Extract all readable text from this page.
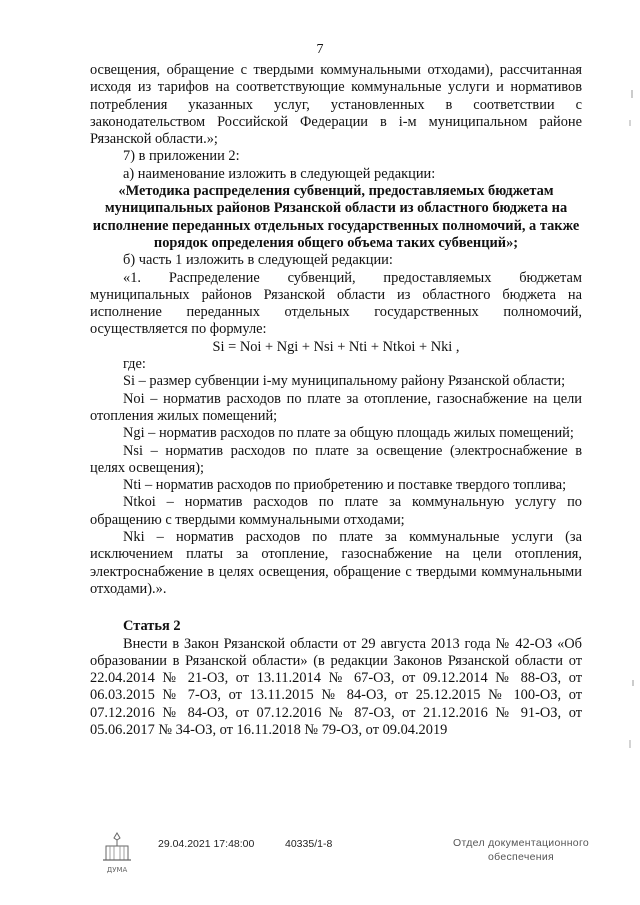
7

освещения, обращение с твердыми коммунальными отходами), рассчитанная исходя из тарифов на соответствующие коммунальные услуги и нормативов потребления указанных услуг, установленных в соответствии с законодательством Российской Федерации в i-м муниципальном районе Рязанской области.»;

7) в приложении 2:

а) наименование изложить в следующей редакции:

«Методика распределения субвенций, предоставляемых бюджетам муниципальных районов Рязанской области из областного бюджета на исполнение переданных отдельных государственных полномочий, а также порядок определения общего объема таких субвенций»;

б) часть 1 изложить в следующей редакции:

«1. Распределение субвенций, предоставляемых бюджетам муниципальных районов Рязанской области из областного бюджета на исполнение переданных отдельных государственных полномочий, осуществляется по формуле:

Si = Noi + Ngi + Nsi + Nti + Ntkoi + Nki ,

где:

Si – размер субвенции i-му муниципальному району Рязанской области;

Noi – норматив расходов по плате за отопление, газоснабжение на цели отопления жилых помещений;

Ngi – норматив расходов по плате за общую площадь жилых помещений;

Nsi – норматив расходов по плате за освещение (электроснабжение в целях освещения);

Nti – норматив расходов по приобретению и поставке твердого топлива;

Ntkoi – норматив расходов по плате за коммунальную услугу по обращению с твердыми коммунальными отходами;

Nki – норматив расходов по плате за коммунальные услуги (за исключением платы за отопление, газоснабжение на цели отопления, электроснабжение в целях освещения, обращение с твердыми коммунальными отходами).».

Статья 2

Внести в Закон Рязанской области от 29 августа 2013 года № 42-ОЗ «Об образовании в Рязанской области» (в редакции Законов Рязанской области от 22.04.2014 № 21-ОЗ, от 13.11.2014 № 67-ОЗ, от 09.12.2014 № 88-ОЗ, от 06.03.2015 № 7-ОЗ, от 13.11.2015 № 84-ОЗ, от 25.12.2015 № 100-ОЗ, от 07.12.2016 № 84-ОЗ, от 07.12.2016 № 87-ОЗ, от 21.12.2016 № 91-ОЗ, от 05.06.2017 № 34-ОЗ, от 16.11.2018 № 79-ОЗ, от 09.04.2019

ДУМА
29.04.2021 17:48:00	40335/1-8	Отдел документационного
обеспечения
